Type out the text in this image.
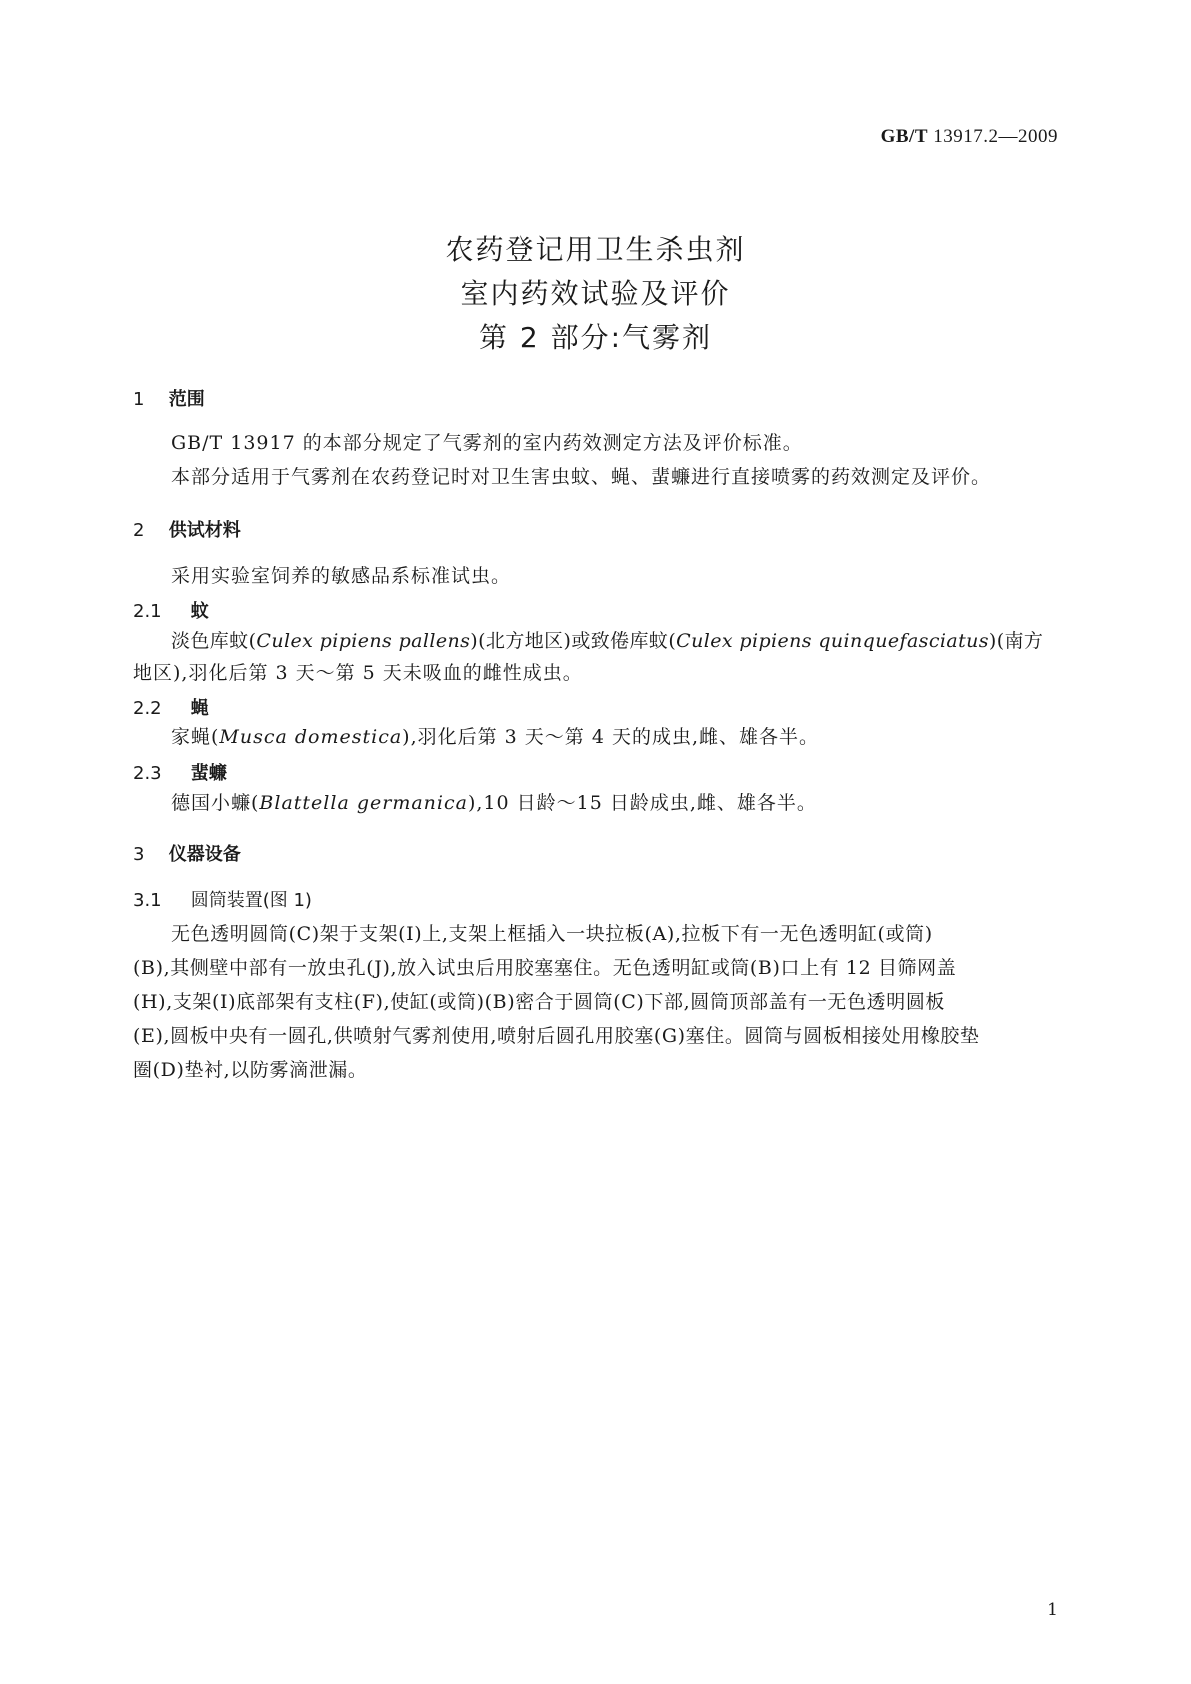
GB/T 13917.2—2009
农药登记用卫生杀虫剂
室内药效试验及评价
第 2 部分:气雾剂
1 范围
GB/T 13917 的本部分规定了气雾剂的室内药效测定方法及评价标准。
本部分适用于气雾剂在农药登记时对卫生害虫蚊、蝇、蜚蠊进行直接喷雾的药效测定及评价。
2 供试材料
采用实验室饲养的敏感品系标准试虫。
2.1 蚊
淡色库蚊(Culex pipiens pallens)(北方地区)或致倦库蚊(Culex pipiens quinquefasciatus)(南方
地区),羽化后第 3 天～第 5 天未吸血的雌性成虫。
2.2 蝇
家蝇(Musca domestica),羽化后第 3 天～第 4 天的成虫,雌、雄各半。
2.3 蜚蠊
德国小蠊(Blattella germanica),10 日龄～15 日龄成虫,雌、雄各半。
3 仪器设备
3.1 圆筒装置(图 1)
无色透明圆筒(C)架于支架(I)上,支架上框插入一块拉板(A),拉板下有一无色透明缸(或筒)
(B),其侧壁中部有一放虫孔(J),放入试虫后用胶塞塞住。无色透明缸或筒(B)口上有 12 目筛网盖
(H),支架(I)底部架有支柱(F),使缸(或筒)(B)密合于圆筒(C)下部,圆筒顶部盖有一无色透明圆板
(E),圆板中央有一圆孔,供喷射气雾剂使用,喷射后圆孔用胶塞(G)塞住。圆筒与圆板相接处用橡胶垫
圈(D)垫衬,以防雾滴泄漏。
1
